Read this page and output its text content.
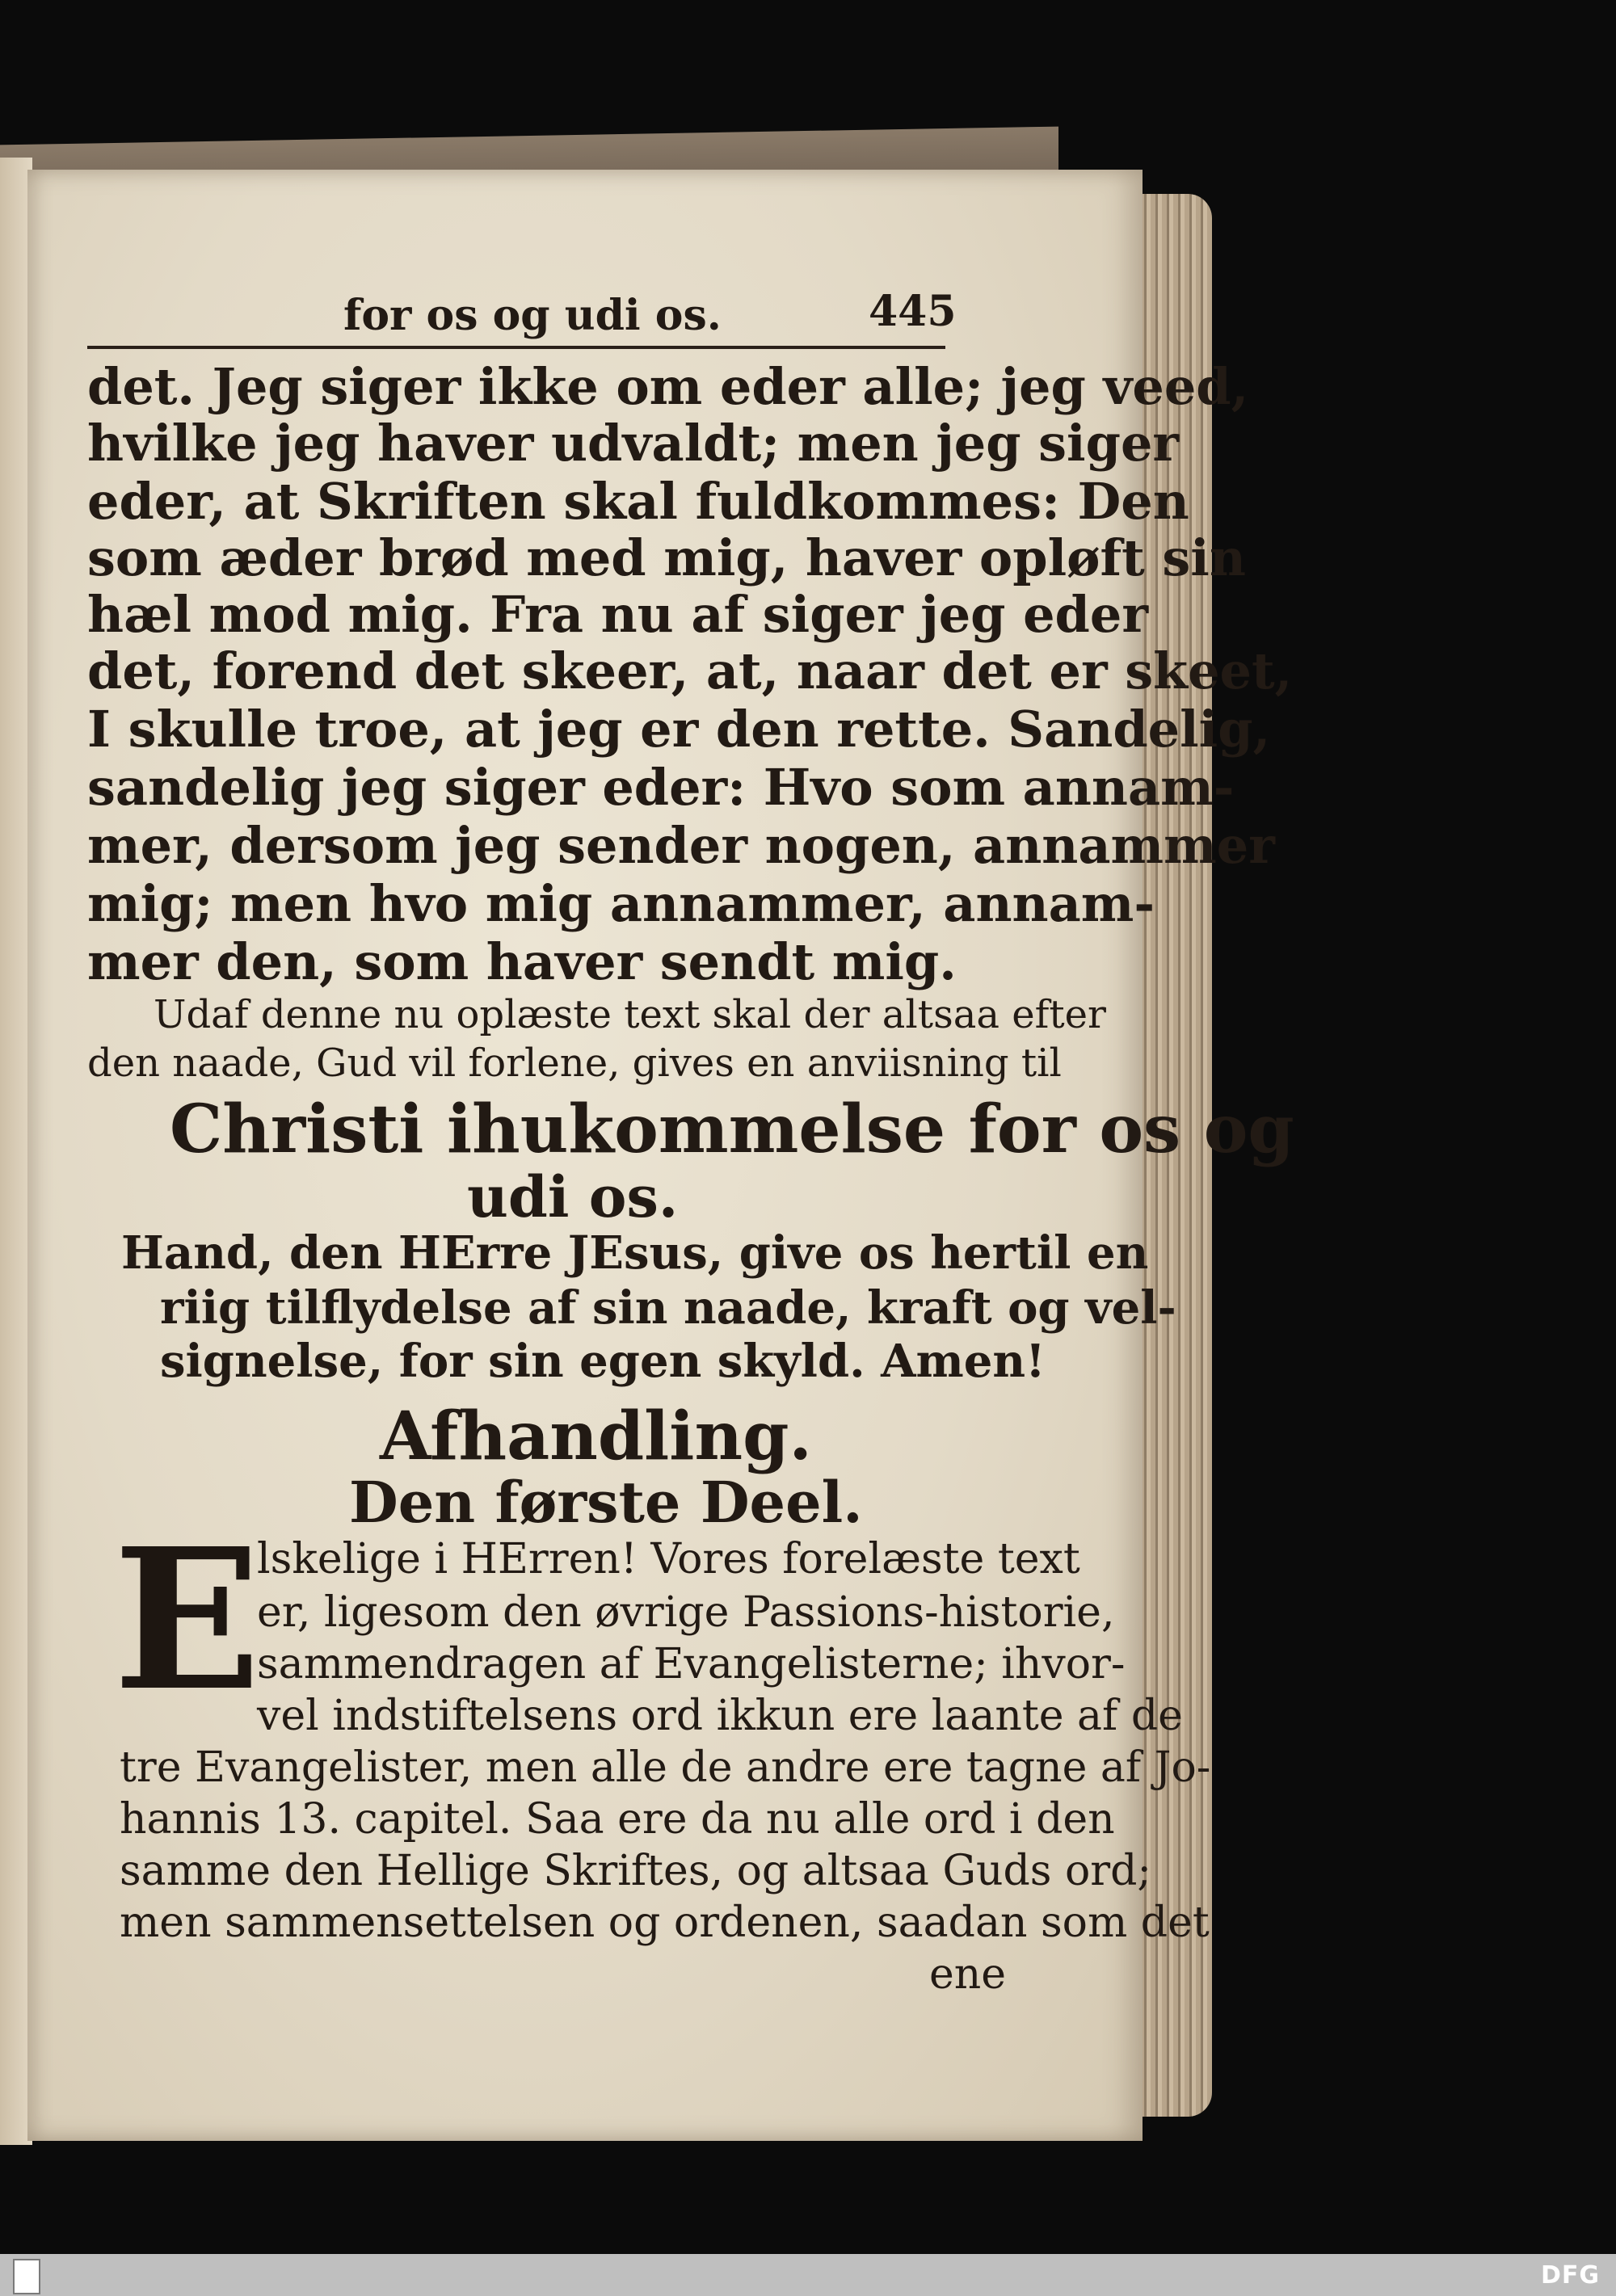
for os og udi os.	445
det. Jeg siger ikke om eder alle; jeg veed,
hvilke jeg haver udvaldt; men jeg siger
eder, at Skriften skal fuldkommes: Den
som æder brød med mig, haver opløft sin
hæl mod mig. Fra nu af siger jeg eder
det, forend det skeer, at, naar det er skeet,
I skulle troe, at jeg er den rette. Sandelig,
sandelig jeg siger eder: Hvo som annam-
mer, dersom jeg sender nogen, annammer
mig; men hvo mig annammer, annam-
mer den, som haver sendt mig.
Udaf denne nu oplæste text skal der altsaa efter
den naade, Gud vil forlene, gives en anviisning til
Christi ihukommelse for os og
udi os.
Hand, den HErre JEsus, give os hertil en
riig tilflydelse af sin naade, kraft og vel-
signelse, for sin egen skyld. Amen!
Afhandling.
Den første Deel.
E
lskelige i HErren! Vores forelæste text
er, ligesom den øvrige Passions-historie,
sammendragen af Evangelisterne; ihvor-
vel indstiftelsens ord ikkun ere laante af de
tre Evangelister, men alle de andre ere tagne af Jo-
hannis 13. capitel. Saa ere da nu alle ord i den
samme den Hellige Skriftes, og altsaa Guds ord;
men sammensettelsen og ordenen, saadan som det
ene
DFG
